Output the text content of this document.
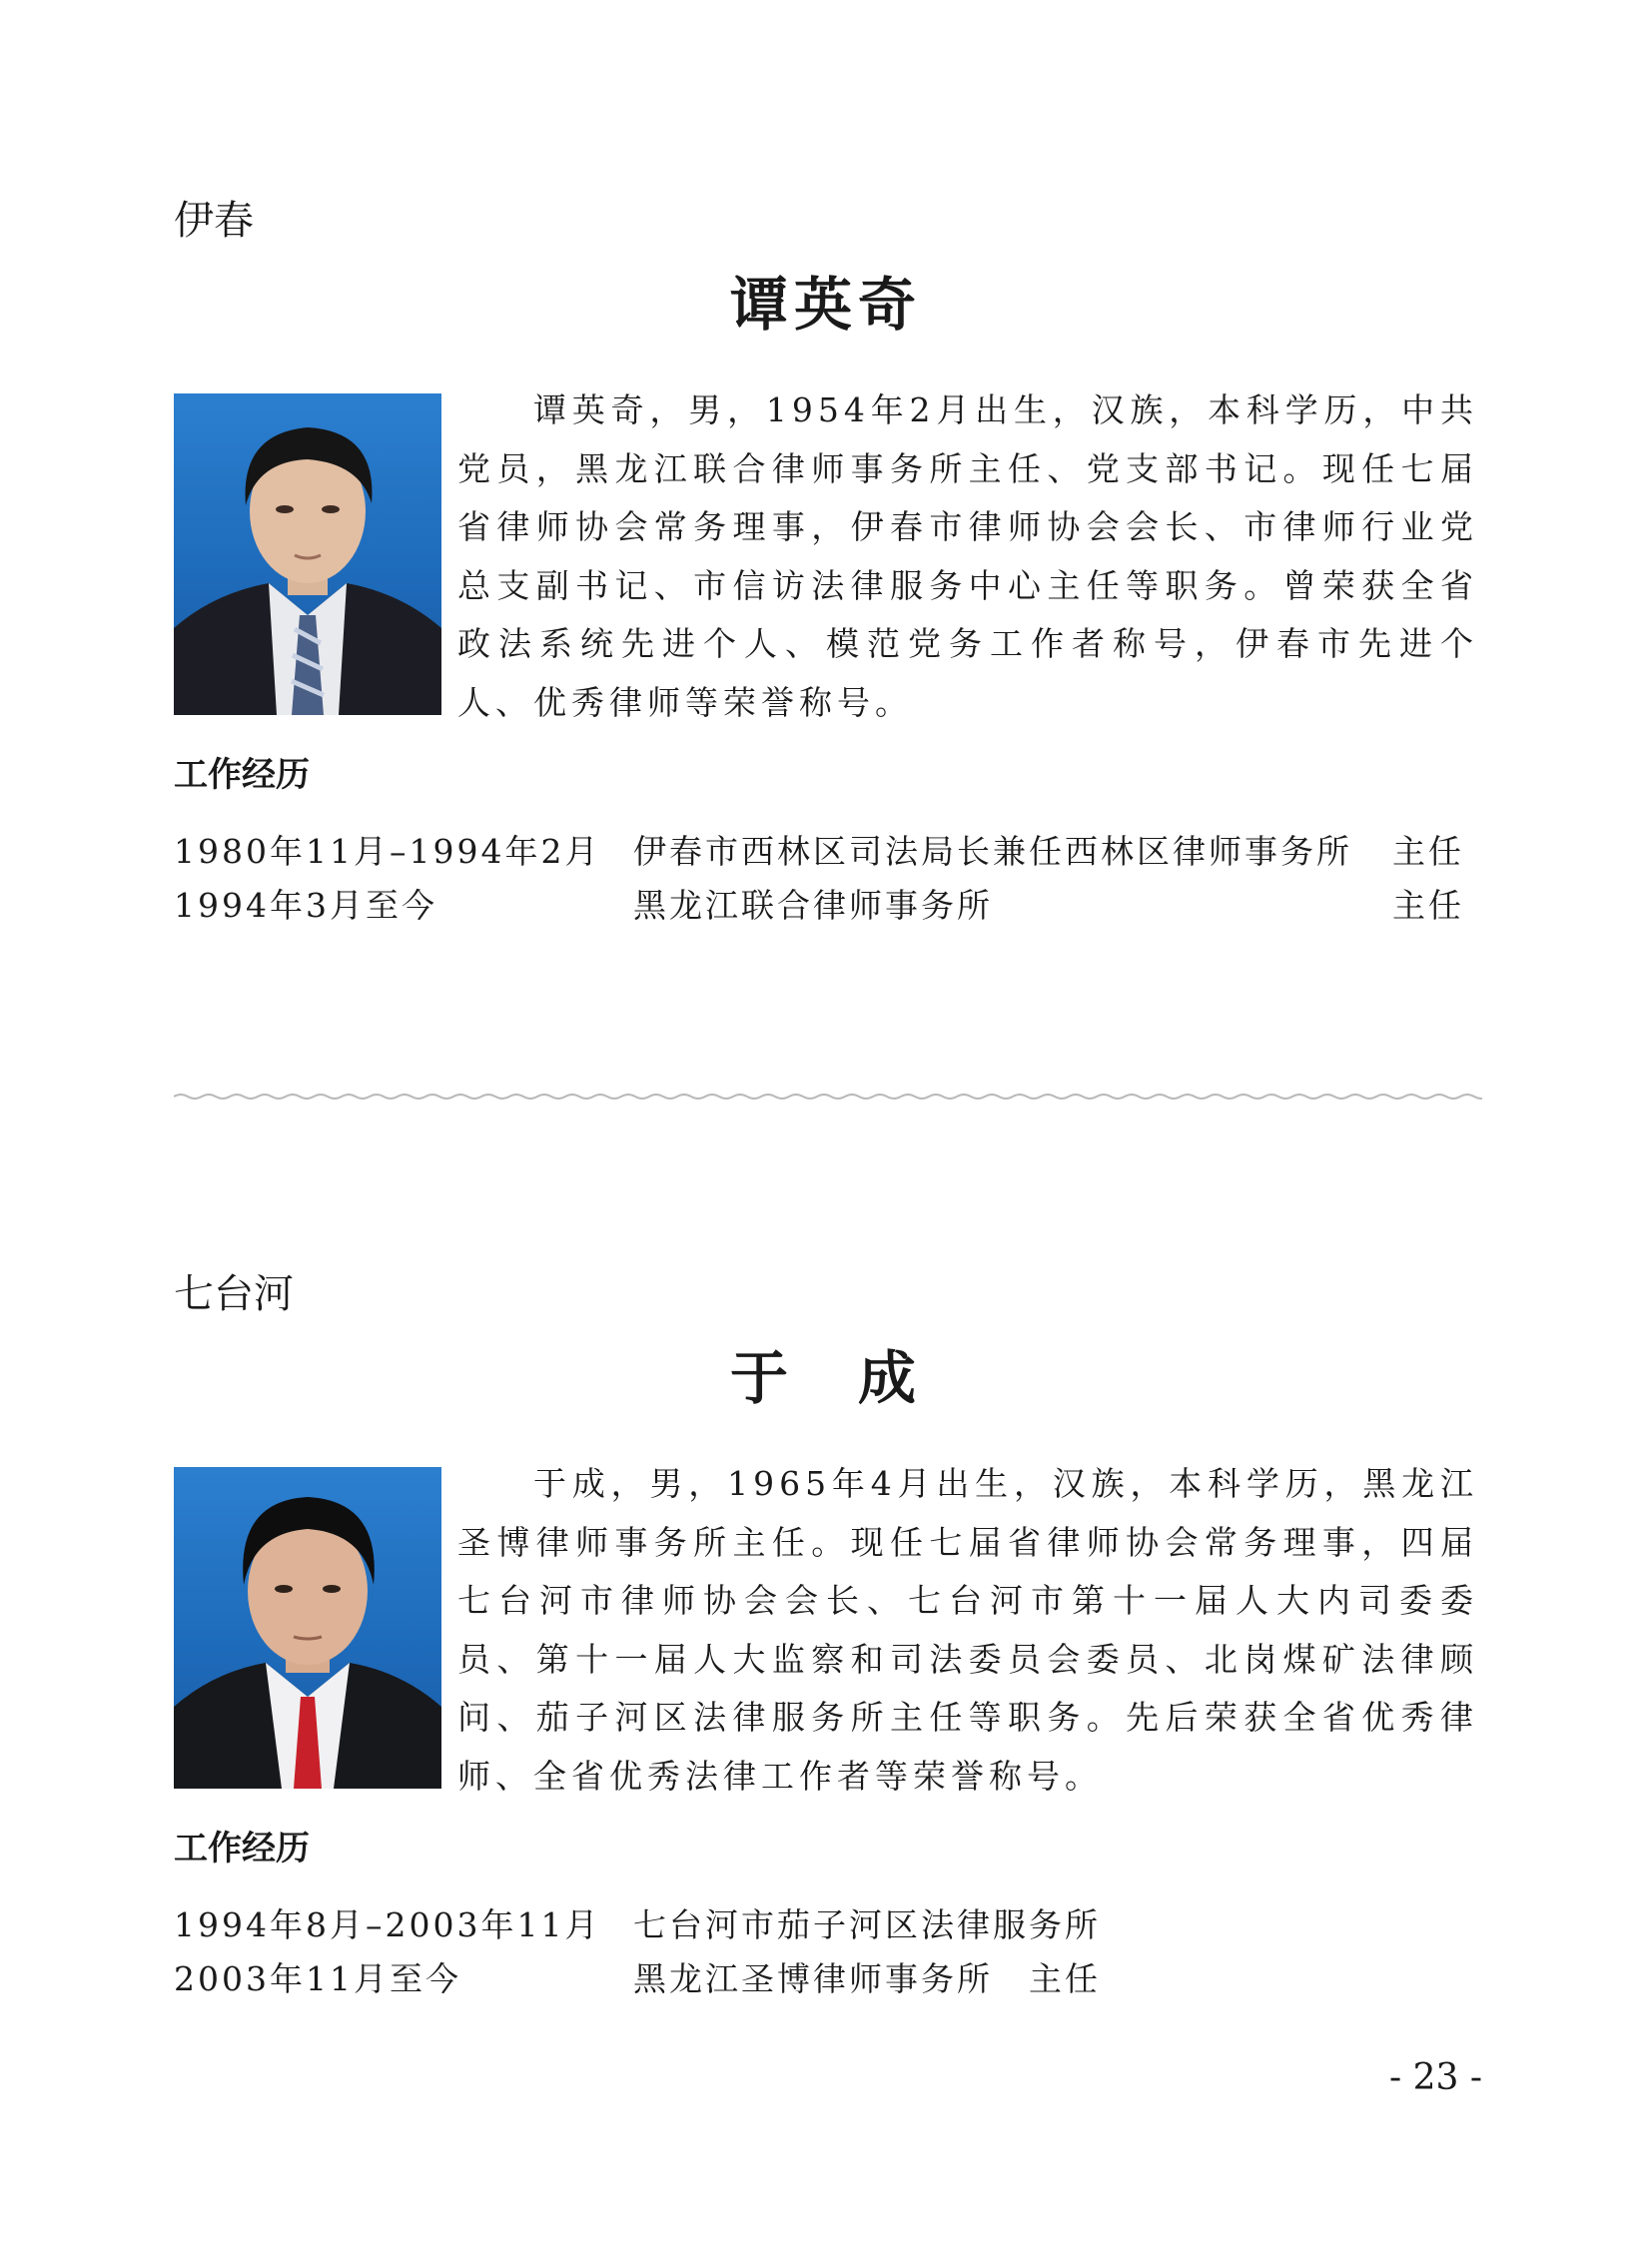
伊春
谭英奇

谭英奇，男，1954年2月出生，汉族，本科学历，中共党员，黑龙江联合律师事务所主任、党支部书记。现任七届省律师协会常务理事，伊春市律师协会会长、市律师行业党总支副书记、市信访法律服务中心主任等职务。曾荣获全省政法系统先进个人、模范党务工作者称号，伊春市先进个人、优秀律师等荣誉称号。

工作经历
1980年11月–1994年2月 伊春市西林区司法局长兼任西林区律师事务所 主任
1994年3月至今	黑龙江联合律师事务所	主任
七台河
于　成

于成，男，1965年4月出生，汉族，本科学历，黑龙江圣博律师事务所主任。现任七届省律师协会常务理事，四届七台河市律师协会会长、七台河市第十一届人大内司委委员、第十一届人大监察和司法委员会委员、北岗煤矿法律顾问、茄子河区法律服务所主任等职务。先后荣获全省优秀律师、全省优秀法律工作者等荣誉称号。

工作经历
1994年8月–2003年11月 七台河市茄子河区法律服务所
2003年11月至今	黑龙江圣博律师事务所　主任

- 23 -
